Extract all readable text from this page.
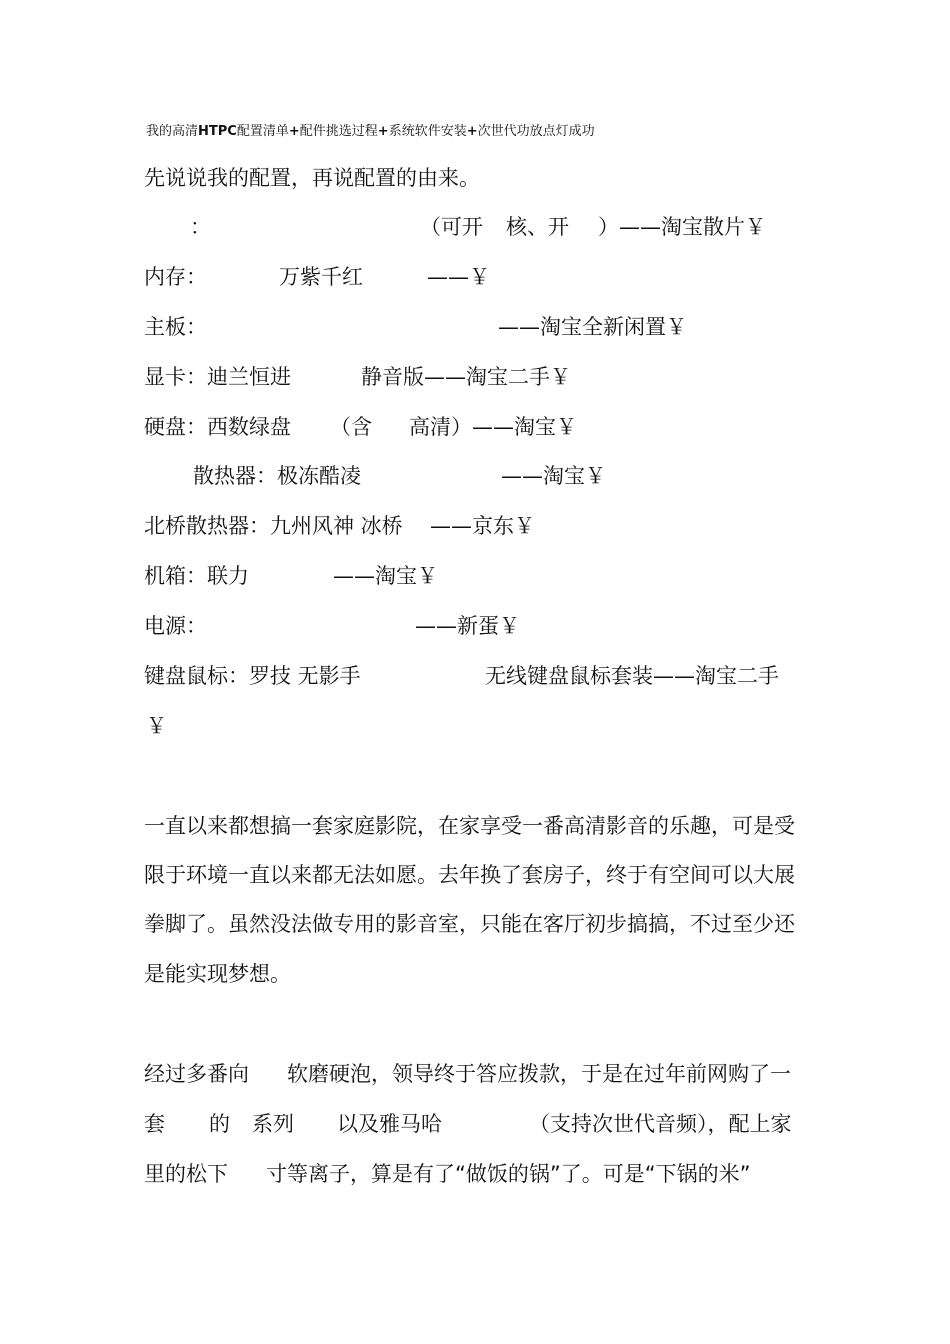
我的高清HTPC配置清单+配件挑选过程+系统软件安装+次世代功放点灯成功
先说说我的配置，再说配置的由来。
：	（可开 核、开 ）——淘宝散片￥
内存：	万紫千红	——￥
主板：	——淘宝全新闲置￥
显卡：迪兰恒进	静音版——淘宝二手￥
硬盘：西数绿盘 （含 高清）——淘宝￥
散热器：极冻酷凌	——淘宝￥
北桥散热器：九州风神 冰桥 ——京东￥
机箱：联力	——淘宝￥
电源：	——新蛋￥
键盘鼠标：罗技 无影手	无线键盘鼠标套装——淘宝二手
￥
一直以来都想搞一套家庭影院，在家享受一番高清影音的乐趣，可是受
限于环境一直以来都无法如愿。去年换了套房子，终于有空间可以大展
拳脚了。虽然没法做专用的影音室，只能在客厅初步搞搞，不过至少还
是能实现梦想。
经过多番向 软磨硬泡，领导终于答应拨款，于是在过年前网购了一
套 的 系列 以及雅马哈	（支持次世代音频），配上家
里的松下 寸等离子，算是有了“做饭的锅”了。可是“下锅的米”
